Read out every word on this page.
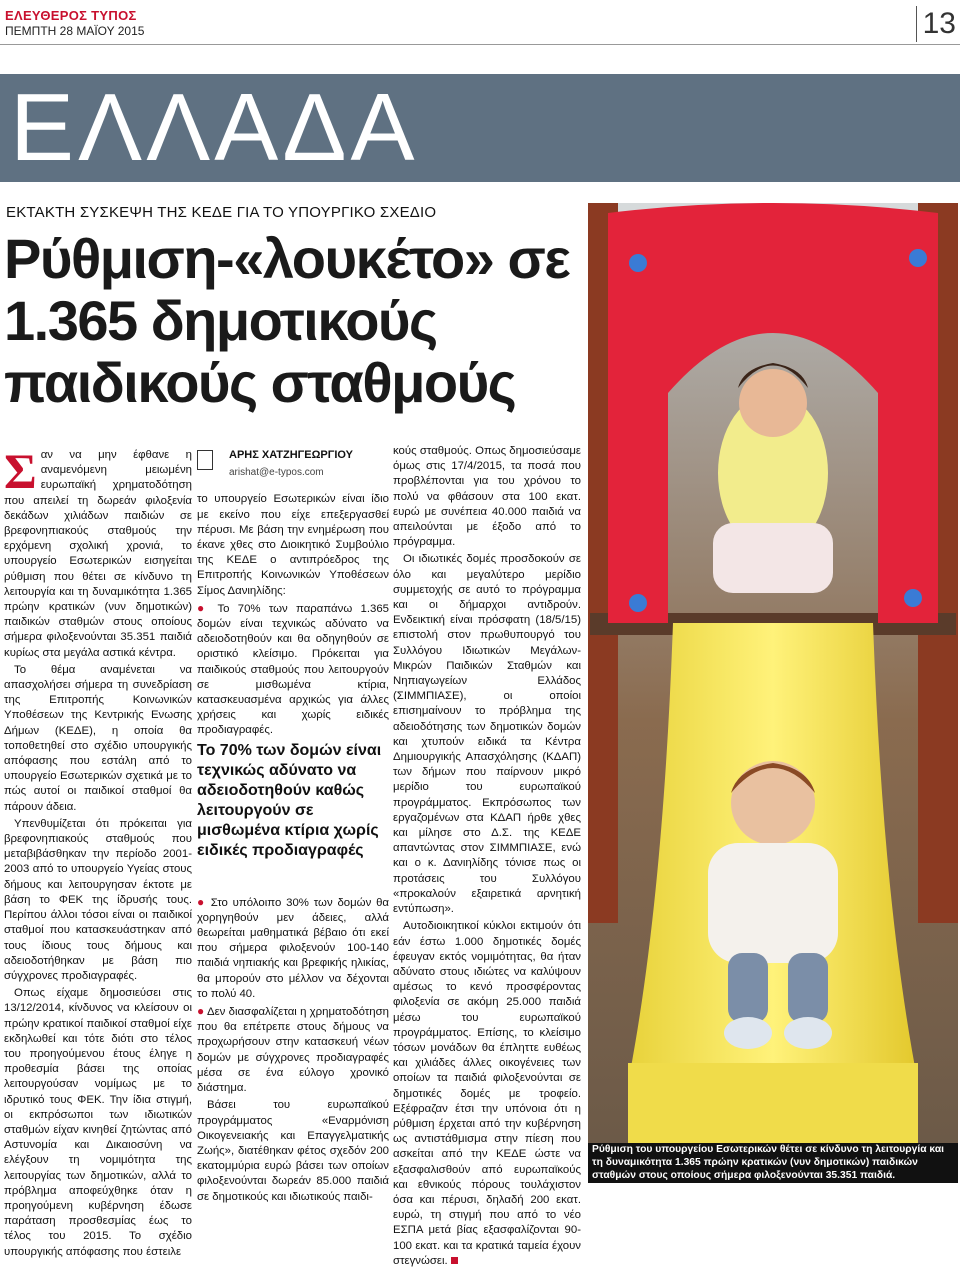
ΕΛΕΥΘΕΡΟΣ ΤΥΠΟΣ
ΠΕΜΠΤΗ 28 ΜΑΪΟΥ 2015	13
ΕΛΛΑΔΑ
ΕΚΤΑΚΤΗ ΣΥΣΚΕΨΗ ΤΗΣ ΚΕΔΕ ΓΙΑ ΤΟ ΥΠΟΥΡΓΙΚΟ ΣΧΕΔΙΟ
Ρύθμιση-«λουκέτο» σε 1.365 δημοτικούς παιδικούς σταθμούς

Σαν να μην έφθανε η αναμενόμενη μειωμένη ευρωπαϊκή χρηματοδότηση που απειλεί τη δωρεάν φιλοξενία δεκάδων χιλιάδων παιδιών σε βρεφονηπιακούς σταθμούς την ερχόμενη σχολική χρονιά, το υπουργείο Εσωτερικών εισηγείται ρύθμιση που θέτει σε κίνδυνο τη λειτουργία και τη δυναμικότητα 1.365 πρώην κρατικών (νυν δημοτικών) παιδικών σταθμών στους οποίους σήμερα φιλοξενούνται 35.351 παιδιά κυρίως στα μεγάλα αστικά κέντρα.

Το θέμα αναμένεται να απασχολήσει σήμερα τη συνεδρίαση της Επιτροπής Κοινωνικών Υποθέσεων της Κεντρικής Ενωσης Δήμων (ΚΕΔΕ), η οποία θα τοποθετηθεί στο σχέδιο υπουργικής απόφασης που εστάλη από το υπουργείο Εσωτερικών σχετικά με το πώς αυτοί οι παιδικοί σταθμοί θα πάρουν άδεια.

Υπενθυμίζεται ότι πρόκειται για βρεφονηπιακούς σταθμούς που μεταβιβάσθηκαν την περίοδο 2001-2003 από το υπουργείο Υγείας στους δήμους και λειτουργησαν έκτοτε με βάση το ΦΕΚ της ίδρυσής τους. Περίπου άλλοι τόσοι είναι οι παιδικοί σταθμοί που κατασκευάστηκαν από τους ίδιους τους δήμους και αδειοδοτήθηκαν με βάση πιο σύγχρονες προδιαγραφές.

Οπως είχαμε δημοσιεύσει στις 13/12/2014, κίνδυνος να κλείσουν οι πρώην κρατικοί παιδικοί σταθμοί είχε εκδηλωθεί και τότε διότι στο τέλος του προηγούμενου έτους έληγε η προθεσμία βάσει της οποίας λειτουργούσαν νομίμως με το ιδρυτικό τους ΦΕΚ. Την ίδια στιγμή, οι εκπρόσωποι των ιδιωτικών σταθμών είχαν κινηθεί ζητώντας από Αστυνομία και Δικαιοσύνη να ελέγξουν τη νομιμότητα της λειτουργίας των δημοτικών, αλλά το πρόβλημα αποφεύχθηκε όταν η προηγούμενη κυβέρνηση έδωσε παράταση προσθεσμίας έως το τέλος του 2015. Το σχέδιο υπουργικής απόφασης που έστειλε

ΑΡΗΣ ΧΑΤΖΗΓΕΩΡΓΙΟΥ

arishat@e-typos.com

το υπουργείο Εσωτερικών είναι ίδιο με εκείνο που είχε επεξεργασθεί πέρυσι. Με βάση την ενημέρωση που έκανε χθες στο Διοικητικό Συμβούλιο της ΚΕΔΕ ο αντιπρόεδρος της Επιτροπής Κοινωνικών Υποθέσεων Σίμος Δανιηλίδης:

● Το 70% των παραπάνω 1.365 δομών είναι τεχνικώς αδύνατο να αδειοδοτηθούν και θα οδηγηθούν σε οριστικό κλείσιμο. Πρόκειται για παιδικούς σταθμούς που λειτουργούν σε μισθωμένα κτίρια, κατασκευασμένα αρχικώς για άλλες χρήσεις και χωρίς ειδικές προδιαγραφές.

Το 70% των δομών είναι τεχνικώς αδύνατο να αδειοδοτηθούν καθώς λειτουργούν σε μισθωμένα κτίρια χωρίς ειδικές προδιαγραφές

● Στο υπόλοιπο 30% των δομών θα χορηγηθούν μεν άδειες, αλλά θεωρείται μαθηματικά βέβαιο ότι εκεί που σήμερα φιλοξενούν 100-140 παιδιά νηπιακής και βρεφικής ηλικίας, θα μπορούν στο μέλλον να δέχονται το πολύ 40.

● Δεν διασφαλίζεται η χρηματοδότηση που θα επέτρεπε στους δήμους να προχωρήσουν στην κατασκευή νέων δομών με σύγχρονες προδιαγραφές μέσα σε ένα εύλογο χρονικό διάστημα.

Βάσει του ευρωπαϊκού προγράμματος «Εναρμόνιση Οικογενειακής και Επαγγελματικής Ζωής», διατέθηκαν φέτος σχεδόν 200 εκατομμύρια ευρώ βάσει των οποίων φιλοξενούνται δωρεάν 85.000 παιδιά σε δημοτικούς και ιδιωτικούς παιδι-

κούς σταθμούς. Οπως δημοσιεύσαμε όμως στις 17/4/2015, τα ποσά που προβλέπονται για του χρόνου το πολύ να φθάσουν στα 100 εκατ. ευρώ με συνέπεια 40.000 παιδιά να απειλούνται με έξοδο από το πρόγραμμα.

Οι ιδιωτικές δομές προσδοκούν σε όλο και μεγαλύτερο μερίδιο συμμετοχής σε αυτό το πρόγραμμα και οι δήμαρχοι αντιδρούν. Ενδεικτική είναι πρόσφατη (18/5/15) επιστολή στον πρωθυπουργό του Συλλόγου Ιδιωτικών Μεγάλων-Μικρών Παιδικών Σταθμών και Νηπιαγωγείων Ελλάδος (ΣΙΜΜΠΙΑΣΕ), οι οποίοι επισημαίνουν το πρόβλημα της αδειοδότησης των δημοτικών δομών και χτυπούν ειδικά τα Κέντρα Δημιουργικής Απασχόλησης (ΚΔΑΠ) των δήμων που παίρνουν μικρό μερίδιο του ευρωπαϊκού προγράμματος. Εκπρόσωπος των εργαζομένων στα ΚΔΑΠ ήρθε χθες και μίλησε στο Δ.Σ. της ΚΕΔΕ απαντώντας στον ΣΙΜΜΠΙΑΣΕ, ενώ και ο κ. Δανιηλίδης τόνισε πως οι προτάσεις του Συλλόγου «προκαλούν εξαιρετικά αρνητική εντύπωση».

Αυτοδιοικητικοί κύκλοι εκτιμούν ότι εάν έστω 1.000 δημοτικές δομές έφευγαν εκτός νομιμότητας, θα ήταν αδύνατο στους ιδιώτες να καλύψουν αμέσως το κενό προσφέροντας φιλοξενία σε ακόμη 25.000 παιδιά μέσω του ευρωπαϊκού προγράμματος. Επίσης, το κλείσιμο τόσων μονάδων θα έπληττε ευθέως και χιλιάδες άλλες οικογένειες των οποίων τα παιδιά φιλοξενούνται σε δημοτικές δομές με τροφείο. Εξέφραζαν έτσι την υπόνοια ότι η ρύθμιση έρχεται από την κυβέρνηση ως αντιστάθμισμα στην πίεση που ασκείται από την ΚΕΔΕ ώστε να εξασφαλισθούν από ευρωπαϊκούς και εθνικούς πόρους τουλάχιστον όσα και πέρυσι, δηλαδή 200 εκατ. ευρώ, τη στιγμή που από το νέο ΕΣΠΑ μετά βίας εξασφαλίζονται 90-100 εκατ. και τα κρατικά ταμεία έχουν στεγνώσει.

Ρύθμιση του υπουργείου Εσωτερικών θέτει σε κίνδυνο τη λειτουργία και τη δυναμικότητα 1.365 πρώην κρατικών (νυν δημοτικών) παιδικών σταθμών στους οποίους σήμερα φιλοξενούνται 35.351 παιδιά.
